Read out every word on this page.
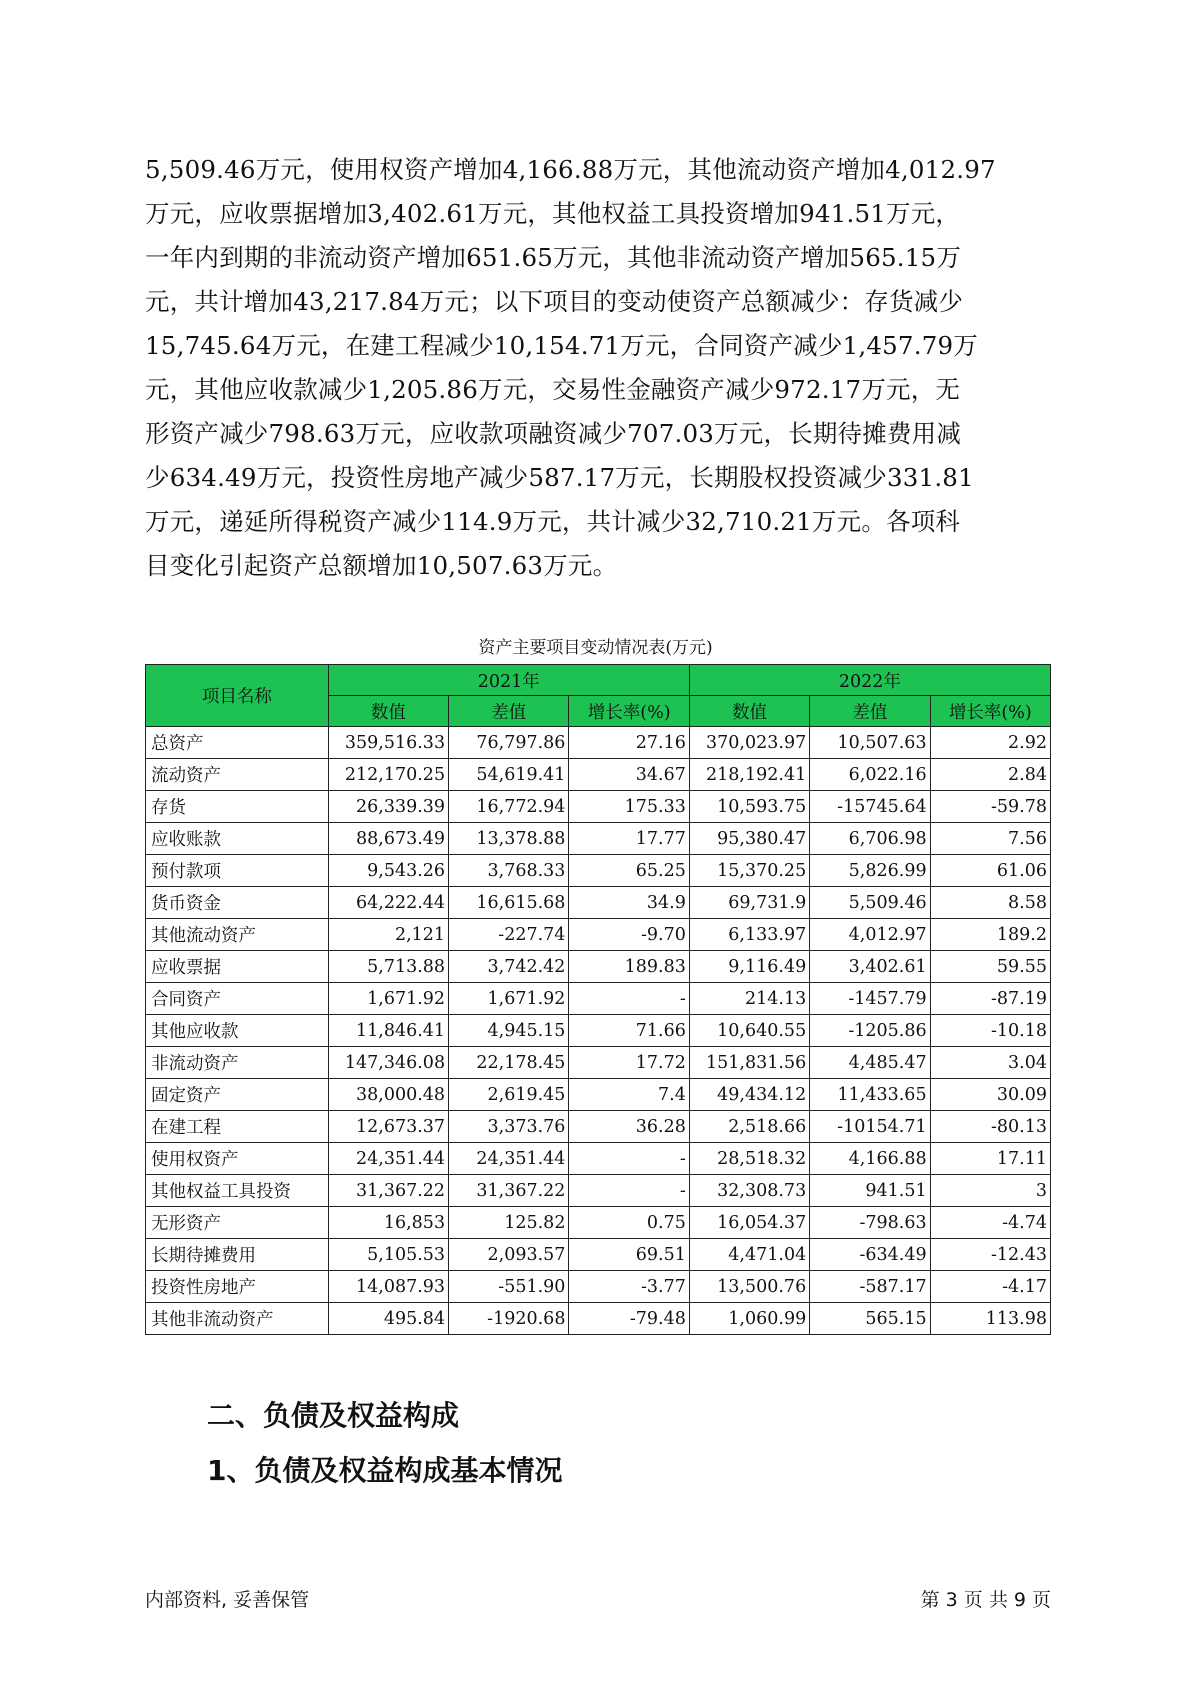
5,509.46万元，使用权资产增加4,166.88万元，其他流动资产增加4,012.97
万元，应收票据增加3,402.61万元，其他权益工具投资增加941.51万元，
一年内到期的非流动资产增加651.65万元，其他非流动资产增加565.15万
元，共计增加43,217.84万元；以下项目的变动使资产总额减少：存货减少
15,745.64万元，在建工程减少10,154.71万元，合同资产减少1,457.79万
元，其他应收款减少1,205.86万元，交易性金融资产减少972.17万元，无
形资产减少798.63万元，应收款项融资减少707.03万元，长期待摊费用减
少634.49万元，投资性房地产减少587.17万元，长期股权投资减少331.81
万元，递延所得税资产减少114.9万元，共计减少32,710.21万元。各项科
目变化引起资产总额增加10,507.63万元。
资产主要项目变动情况表(万元)
项目名称	2021年			2022年		
	数值	差值	增长率(%)	数值	差值	增长率(%)
总资产	359,516.33	76,797.86	27.16	370,023.97	10,507.63	2.92
流动资产	212,170.25	54,619.41	34.67	218,192.41	6,022.16	2.84
存货	26,339.39	16,772.94	175.33	10,593.75	-15745.64	-59.78
应收账款	88,673.49	13,378.88	17.77	95,380.47	6,706.98	7.56
预付款项	9,543.26	3,768.33	65.25	15,370.25	5,826.99	61.06
货币资金	64,222.44	16,615.68	34.9	69,731.9	5,509.46	8.58
其他流动资产	2,121	-227.74	-9.70	6,133.97	4,012.97	189.2
应收票据	5,713.88	3,742.42	189.83	9,116.49	3,402.61	59.55
合同资产	1,671.92	1,671.92	-	214.13	-1457.79	-87.19
其他应收款	11,846.41	4,945.15	71.66	10,640.55	-1205.86	-10.18
非流动资产	147,346.08	22,178.45	17.72	151,831.56	4,485.47	3.04
固定资产	38,000.48	2,619.45	7.4	49,434.12	11,433.65	30.09
在建工程	12,673.37	3,373.76	36.28	2,518.66	-10154.71	-80.13
使用权资产	24,351.44	24,351.44	-	28,518.32	4,166.88	17.11
其他权益工具投资	31,367.22	31,367.22	-	32,308.73	941.51	3
无形资产	16,853	125.82	0.75	16,054.37	-798.63	-4.74
长期待摊费用	5,105.53	2,093.57	69.51	4,471.04	-634.49	-12.43
投资性房地产	14,087.93	-551.90	-3.77	13,500.76	-587.17	-4.17
其他非流动资产	495.84	-1920.68	-79.48	1,060.99	565.15	113.98
二、负债及权益构成
1、负债及权益构成基本情况
内部资料, 妥善保管	第 3 页 共 9 页
